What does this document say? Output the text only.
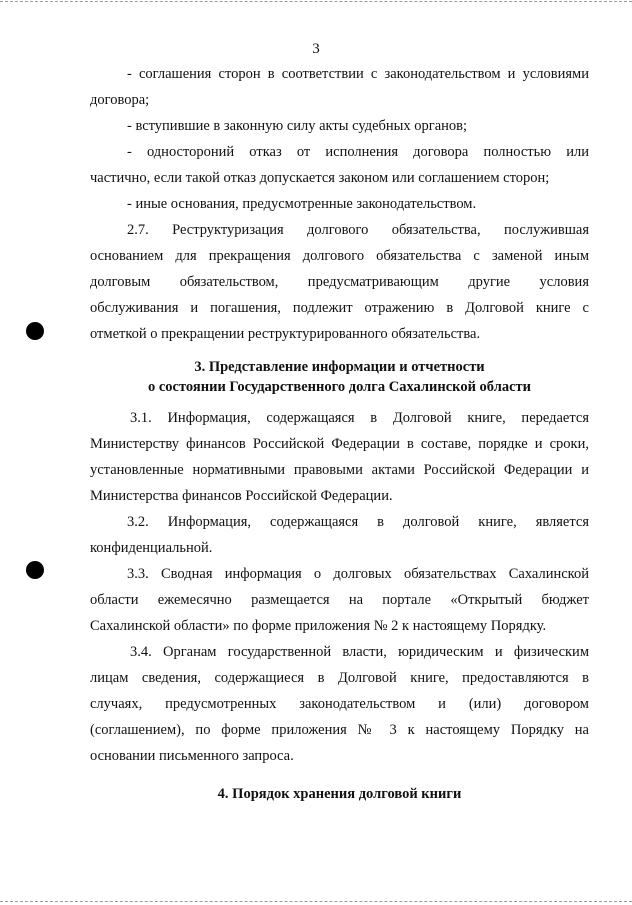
3
- соглашения сторон в соответствии с законодательством и условиями
договора;
- вступившие в законную силу акты судебных органов;
- одностороний отказ от исполнения договора полностью или
частично, если такой отказ допускается законом или соглашением сторон;
- иные основания, предусмотренные законодательством.
2.7. Реструктуризация долгового обязательства, послужившая
основанием для прекращения долгового обязательства с заменой иным
долговым обязательством, предусматривающим другие условия
обслуживания и погашения, подлежит отражению в Долговой книге с
отметкой о прекращении реструктурированного обязательства.
3. Представление информации и отчетности
о состоянии Государственного долга Сахалинской области
3.1. Информация, содержащаяся в Долговой книге, передается
Министерству финансов Российской Федерации в составе, порядке и сроки,
установленные нормативными правовыми актами Российской Федерации и
Министерства финансов Российской Федерации.
3.2. Информация, содержащаяся в долговой книге, является
конфиденциальной.
3.3. Сводная информация о долговых обязательствах Сахалинской
области ежемесячно размещается на портале «Открытый бюджет
Сахалинской области» по форме приложения № 2 к настоящему Порядку.
3.4. Органам государственной власти, юридическим и физическим
лицам сведения, содержащиеся в Долговой книге, предоставляются в
случаях, предусмотренных законодательством и (или) договором
(соглашением), по форме приложения № 3 к настоящему Порядку на
основании письменного запроса.
4. Порядок хранения долговой книги
